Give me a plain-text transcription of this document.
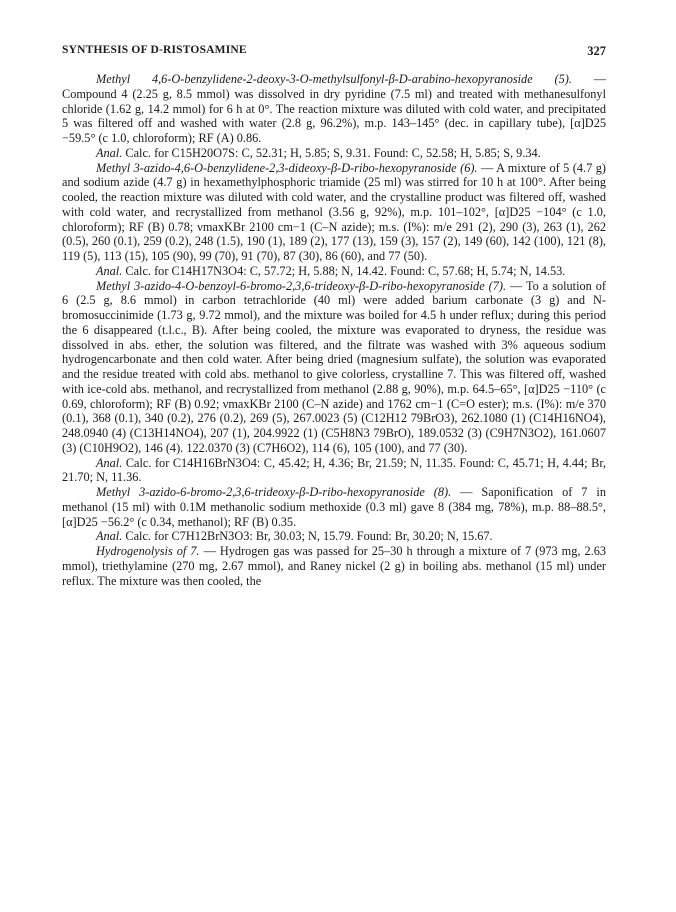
SYNTHESIS OF D-RISTOSAMINE	327

Methyl 4,6-O-benzylidene-2-deoxy-3-O-methylsulfonyl-β-D-arabino-hexopyranoside (5). — Compound 4 (2.25 g, 8.5 mmol) was dissolved in dry pyridine (7.5 ml) and treated with methanesulfonyl chloride (1.62 g, 14.2 mmol) for 6 h at 0°. The reaction mixture was diluted with cold water, and precipitated 5 was filtered off and washed with water (2.8 g, 96.2%), m.p. 143–145° (dec. in capillary tube), [α]D25 −59.5° (c 1.0, chloroform); RF (A) 0.86.

Anal. Calc. for C15H20O7S: C, 52.31; H, 5.85; S, 9.31. Found: C, 52.58; H, 5.85; S, 9.34.

Methyl 3-azido-4,6-O-benzylidene-2,3-dideoxy-β-D-ribo-hexopyranoside (6). — A mixture of 5 (4.7 g) and sodium azide (4.7 g) in hexamethylphosphoric triamide (25 ml) was stirred for 10 h at 100°. After being cooled, the reaction mixture was diluted with cold water, and the crystalline product was filtered off, washed with cold water, and recrystallized from methanol (3.56 g, 92%), m.p. 101–102°, [α]D25 −104° (c 1.0, chloroform); RF (B) 0.78; νmaxKBr 2100 cm−1 (C–N azide); m.s. (I%): m/e 291 (2), 290 (3), 263 (1), 262 (0.5), 260 (0.1), 259 (0.2), 248 (1.5), 190 (1), 189 (2), 177 (13), 159 (3), 157 (2), 149 (60), 142 (100), 121 (8), 119 (5), 113 (15), 105 (90), 99 (70), 91 (70), 87 (30), 86 (60), and 77 (50).

Anal. Calc. for C14H17N3O4: C, 57.72; H, 5.88; N, 14.42. Found: C, 57.68; H, 5.74; N, 14.53.

Methyl 3-azido-4-O-benzoyl-6-bromo-2,3,6-trideoxy-β-D-ribo-hexopyranoside (7). — To a solution of 6 (2.5 g, 8.6 mmol) in carbon tetrachloride (40 ml) were added barium carbonate (3 g) and N-bromosuccinimide (1.73 g, 9.72 mmol), and the mixture was boiled for 4.5 h under reflux; during this period the 6 disappeared (t.l.c., B). After being cooled, the mixture was evaporated to dryness, the residue was dissolved in abs. ether, the solution was filtered, and the filtrate was washed with 3% aqueous sodium hydrogencarbonate and then cold water. After being dried (magnesium sulfate), the solution was evaporated and the residue treated with cold abs. methanol to give colorless, crystalline 7. This was filtered off, washed with ice-cold abs. methanol, and recrystallized from methanol (2.88 g, 90%), m.p. 64.5–65°, [α]D25 −110° (c 0.69, chloroform); RF (B) 0.92; νmaxKBr 2100 (C–N azide) and 1762 cm−1 (C=O ester); m.s. (I%): m/e 370 (0.1), 368 (0.1), 340 (0.2), 276 (0.2), 269 (5), 267.0023 (5) (C12H12 79BrO3), 262.1080 (1) (C14H16NO4), 248.0940 (4) (C13H14NO4), 207 (1), 204.9922 (1) (C5H8N3 79BrO), 189.0532 (3) (C9H7N3O2), 161.0607 (3) (C10H9O2), 146 (4). 122.0370 (3) (C7H6O2), 114 (6), 105 (100), and 77 (30).

Anal. Calc. for C14H16BrN3O4: C, 45.42; H, 4.36; Br, 21.59; N, 11.35. Found: C, 45.71; H, 4.44; Br, 21.70; N, 11.36.

Methyl 3-azido-6-bromo-2,3,6-trideoxy-β-D-ribo-hexopyranoside (8). — Saponification of 7 in methanol (15 ml) with 0.1M methanolic sodium methoxide (0.3 ml) gave 8 (384 mg, 78%), m.p. 88–88.5°, [α]D25 −56.2° (c 0.34, methanol); RF (B) 0.35.

Anal. Calc. for C7H12BrN3O3: Br, 30.03; N, 15.79. Found: Br, 30.20; N, 15.67.

Hydrogenolysis of 7. — Hydrogen gas was passed for 25–30 h through a mixture of 7 (973 mg, 2.63 mmol), triethylamine (270 mg, 2.67 mmol), and Raney nickel (2 g) in boiling abs. methanol (15 ml) under reflux. The mixture was then cooled, the
